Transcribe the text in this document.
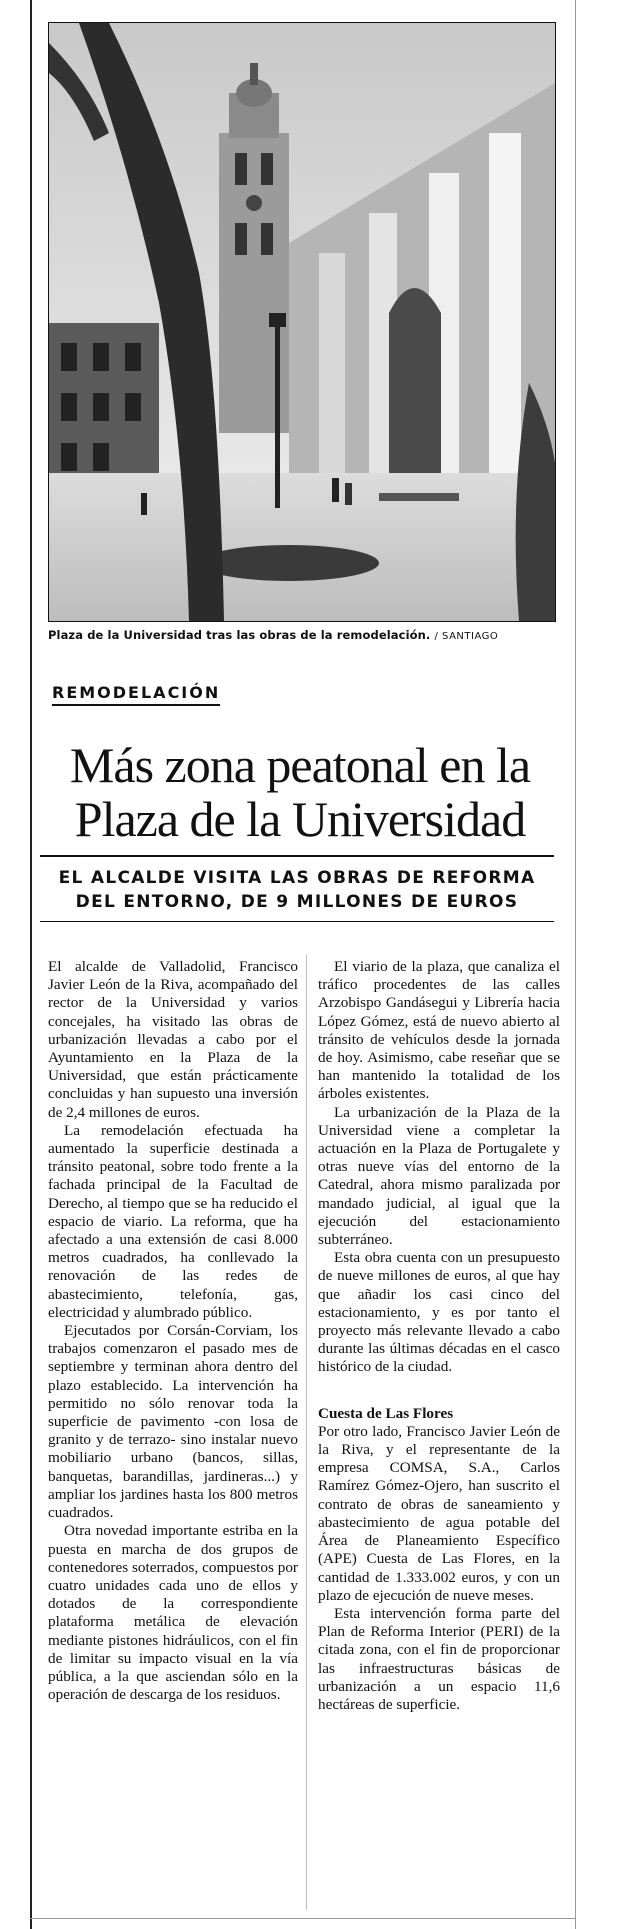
Plaza de la Universidad tras las obras de la remodelación. / SANTIAGO
REMODELACIÓN
Más zona peatonal en la Plaza de la Universidad
EL ALCALDE VISITA LAS OBRAS DE REFORMA DEL ENTORNO, DE 9 MILLONES DE EUROS

El alcalde de Valladolid, Francisco Javier León de la Riva, acompañado del rector de la Universidad y varios concejales, ha visitado las obras de urbanización llevadas a cabo por el Ayuntamiento en la Plaza de la Universidad, que están prácticamente concluidas y han supuesto una inversión de 2,4 millones de euros.

La remodelación efectuada ha aumentado la superficie destinada a tránsito peatonal, sobre todo frente a la fachada principal de la Facultad de Derecho, al tiempo que se ha reducido el espacio de viario. La reforma, que ha afectado a una extensión de casi 8.000 metros cuadrados, ha conllevado la renovación de las redes de abastecimiento, telefonía, gas, electricidad y alumbrado público.

Ejecutados por Corsán-Corviam, los trabajos comenzaron el pasado mes de septiembre y terminan ahora dentro del plazo establecido. La intervención ha permitido no sólo renovar toda la superficie de pavimento -con losa de granito y de terrazo- sino instalar nuevo mobiliario urbano (bancos, sillas, banquetas, barandillas, jardineras...) y ampliar los jardines hasta los 800 metros cuadrados.

Otra novedad importante estriba en la puesta en marcha de dos grupos de contenedores soterrados, compuestos por cuatro unidades cada uno de ellos y dotados de la correspondiente plataforma metálica de elevación mediante pistones hidráulicos, con el fin de limitar su impacto visual en la vía pública, a la que asciendan sólo en la operación de descarga de los residuos.

El viario de la plaza, que canaliza el tráfico procedentes de las calles Arzobispo Gandásegui y Librería hacia López Gómez, está de nuevo abierto al tránsito de vehículos desde la jornada de hoy. Asimismo, cabe reseñar que se han mantenido la totalidad de los árboles existentes.

La urbanización de la Plaza de la Universidad viene a completar la actuación en la Plaza de Portugalete y otras nueve vías del entorno de la Catedral, ahora mismo paralizada por mandado judicial, al igual que la ejecución del estacionamiento subterráneo.

Esta obra cuenta con un presupuesto de nueve millones de euros, al que hay que añadir los casi cinco del estacionamiento, y es por tanto el proyecto más relevante llevado a cabo durante las últimas décadas en el casco histórico de la ciudad.

Cuesta de Las Flores

Por otro lado, Francisco Javier León de la Riva, y el representante de la empresa COMSA, S.A., Carlos Ramírez Gómez-Ojero, han suscrito el contrato de obras de saneamiento y abastecimiento de agua potable del Área de Planeamiento Específico (APE) Cuesta de Las Flores, en la cantidad de 1.333.002 euros, y con un plazo de ejecución de nueve meses.

Esta intervención forma parte del Plan de Reforma Interior (PERI) de la citada zona, con el fin de proporcionar las infraestructuras básicas de urbanización a un espacio 11,6 hectáreas de superficie.
